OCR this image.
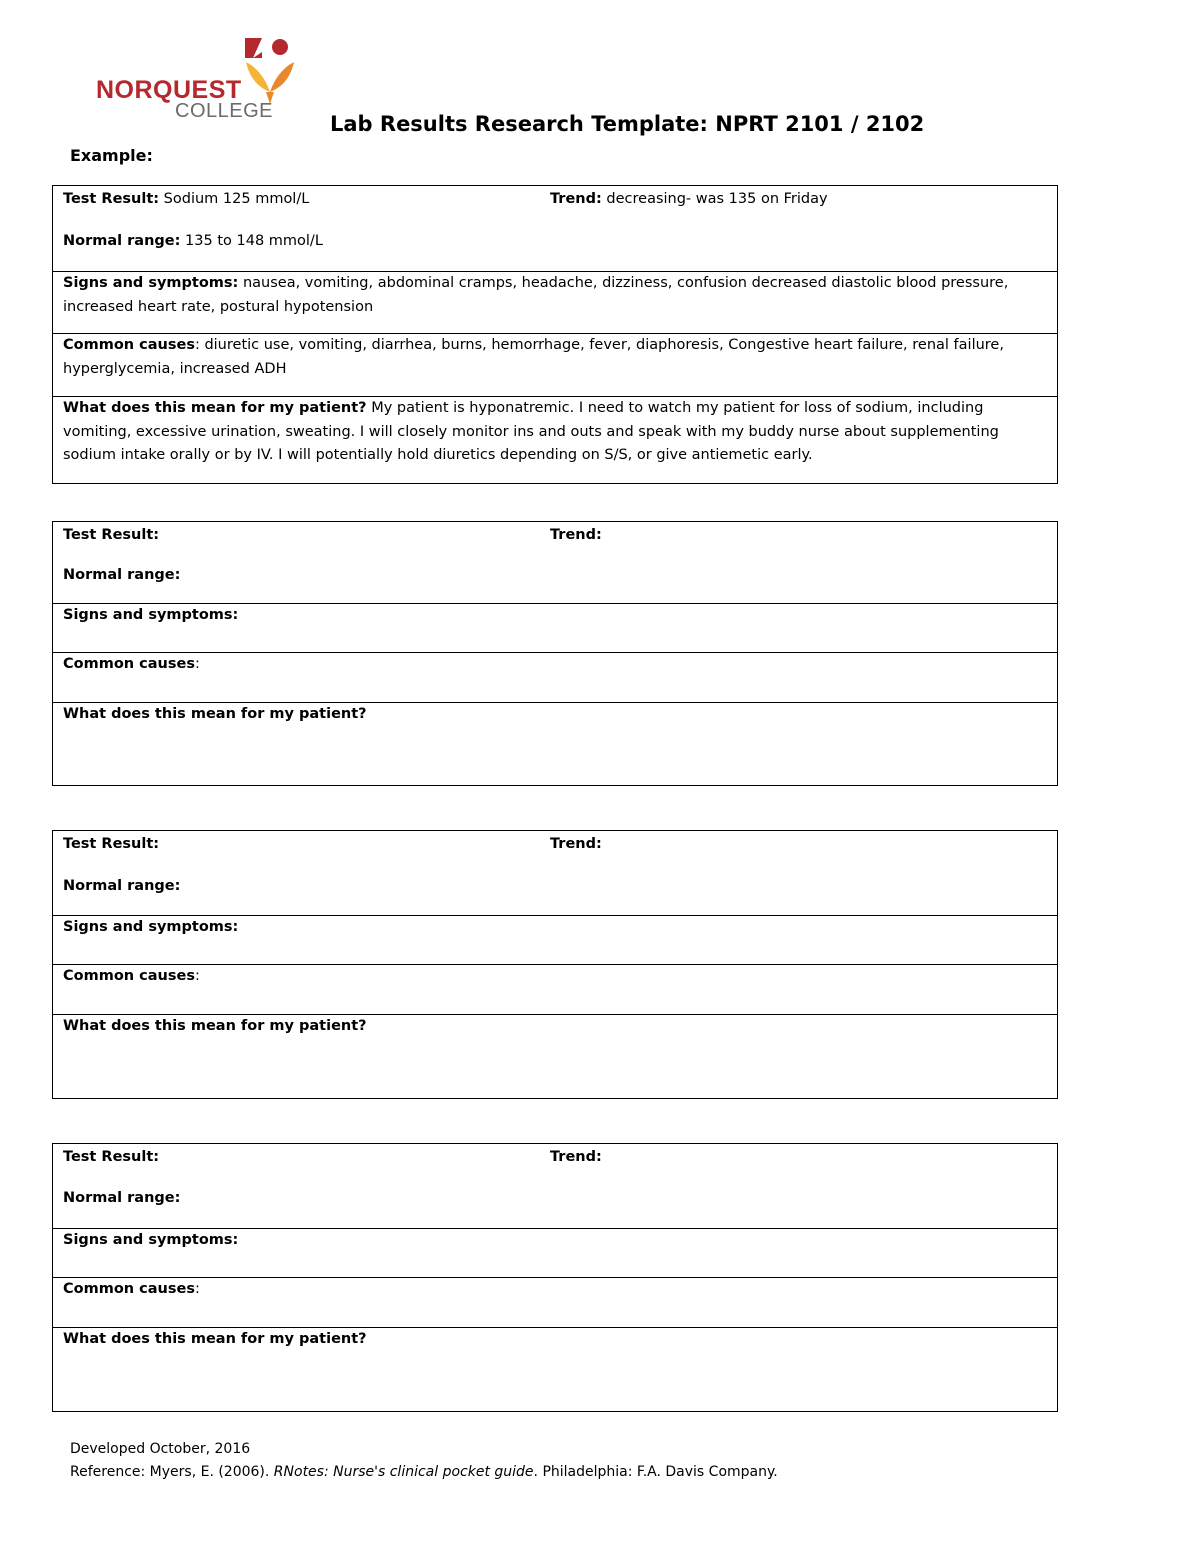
NORQUEST
COLLEGE
Lab Results Research Template: NPRT 2101 / 2102
Example:
Test Result: Sodium 125 mmol/L	Trend: decreasing- was 135 on Friday
Normal range: 135 to 148 mmol/L
Signs and symptoms: nausea, vomiting, abdominal cramps, headache, dizziness, confusion decreased diastolic blood pressure, increased heart rate, postural hypotension
Common causes: diuretic use, vomiting, diarrhea, burns, hemorrhage, fever, diaphoresis, Congestive heart failure, renal failure, hyperglycemia, increased ADH
What does this mean for my patient? My patient is hyponatremic. I need to watch my patient for loss of sodium, including vomiting, excessive urination, sweating. I will closely monitor ins and outs and speak with my buddy nurse about supplementing sodium intake orally or by IV. I will potentially hold diuretics depending on S/S, or give antiemetic early.
Test Result:	Trend:
Normal range:
Signs and symptoms:
Common causes:
What does this mean for my patient?
Test Result:	Trend:
Normal range:
Signs and symptoms:
Common causes:
What does this mean for my patient?
Test Result:	Trend:
Normal range:
Signs and symptoms:
Common causes:
What does this mean for my patient?
Developed October, 2016
Reference: Myers, E. (2006). RNotes: Nurse's clinical pocket guide. Philadelphia: F.A. Davis Company.
